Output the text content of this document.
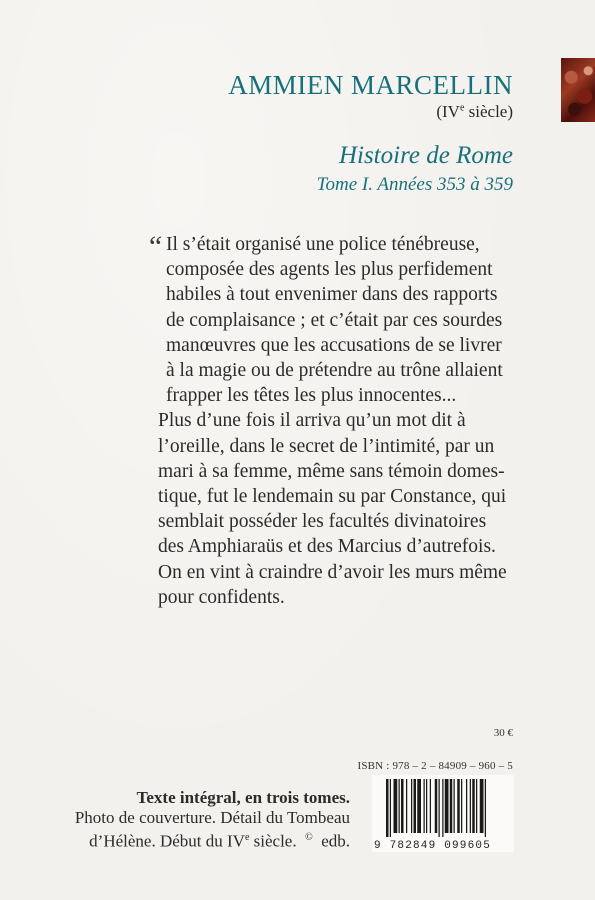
AMMIEN MARCELLIN
(IVe siècle)
Histoire de Rome
Tome I. Années 353 à 359
“ Il s’était organisé une police ténébreuse,
composée des agents les plus perfidement
habiles à tout envenimer dans des rapports
de complaisance ; et c’était par ces sourdes
manœuvres que les accusations de se livrer
à la magie ou de prétendre au trône allaient
frapper les têtes les plus innocentes...

Plus d’une fois il arriva qu’un mot dit à
l’oreille, dans le secret de l’intimité, par un
mari à sa femme, même sans témoin domes-
tique, fut le lendemain su par Constance, qui
semblait posséder les facultés divinatoires
des Amphiaraüs et des Marcius d’autrefois.
On en vint à craindre d’avoir les murs même
pour confidents.

30 €
ISBN : 978 – 2 – 84909 – 960 – 5
9 782849 099605
Texte intégral, en trois tomes.
Photo de couverture. Détail du Tombeau
d’Hélène. Début du IVe siècle. © edb.
